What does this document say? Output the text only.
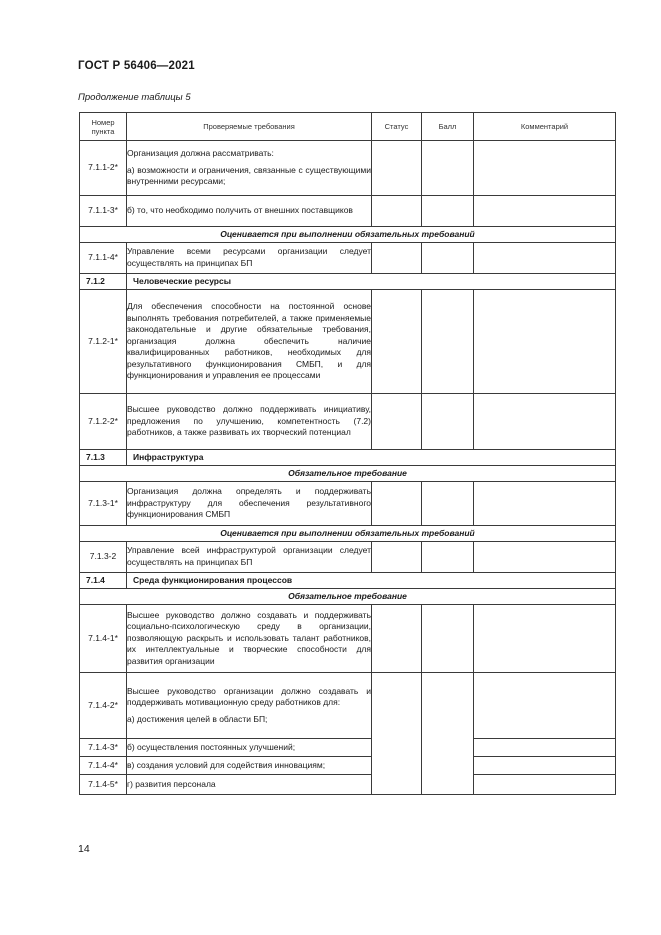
ГОСТ Р 56406—2021
Продолжение таблицы 5
Номер пункта	Проверяемые требования	Статус	Балл	Комментарий
7.1.1-2*	Организация должна рассматривать:
а) возможности и ограничения, связанные с существующими внутренними ресурсами;			

7.1.1-3*	б) то, что необходимо получить от внешних поставщиков			

Оценивается при выполнении обязательных требований				
7.1.1-4*	Управление всеми ресурсами организации следует осуществлять на принципах БП			

7.1.2	Человеческие ресурсы			
7.1.2-1*	Для обеспечения способности на постоянной основе выполнять требования потребителей, а также применяемые законодательные и другие обязательные требования, организация должна обеспечить наличие квалифицированных работников, необходимых для результативного функционирования СМБП, и для функционирования и управления ее процессами			

7.1.2-2*	Высшее руководство должно поддерживать инициативу, предложения по улучшению, компетентность (7.2) работников, а также развивать их творческий потенциал			

7.1.3	Инфраструктура			
Обязательное требование				
7.1.3-1*	Организация должна определять и поддерживать инфраструктуру для обеспечения результативного функционирования СМБП			

Оценивается при выполнении обязательных требований				
7.1.3-2	Управление всей инфраструктурой организации следует осуществлять на принципах БП			

7.1.4	Среда функционирования процессов			
Обязательное требование				
7.1.4-1*	Высшее руководство должно создавать и поддерживать социально-психологическую среду в организации, позволяющую раскрыть и использовать талант работников, их интеллектуальные и творческие способности для развития организации			

7.1.4-2*	Высшее руководство организации должно создавать и поддерживать мотивационную среду работников для:
а) достижения целей в области БП;			

7.1.4-3*	б) осуществления постоянных улучшений;			

7.1.4-4*	в) создания условий для содействия инновациям;			

7.1.4-5*	г) развития персонала			

14
